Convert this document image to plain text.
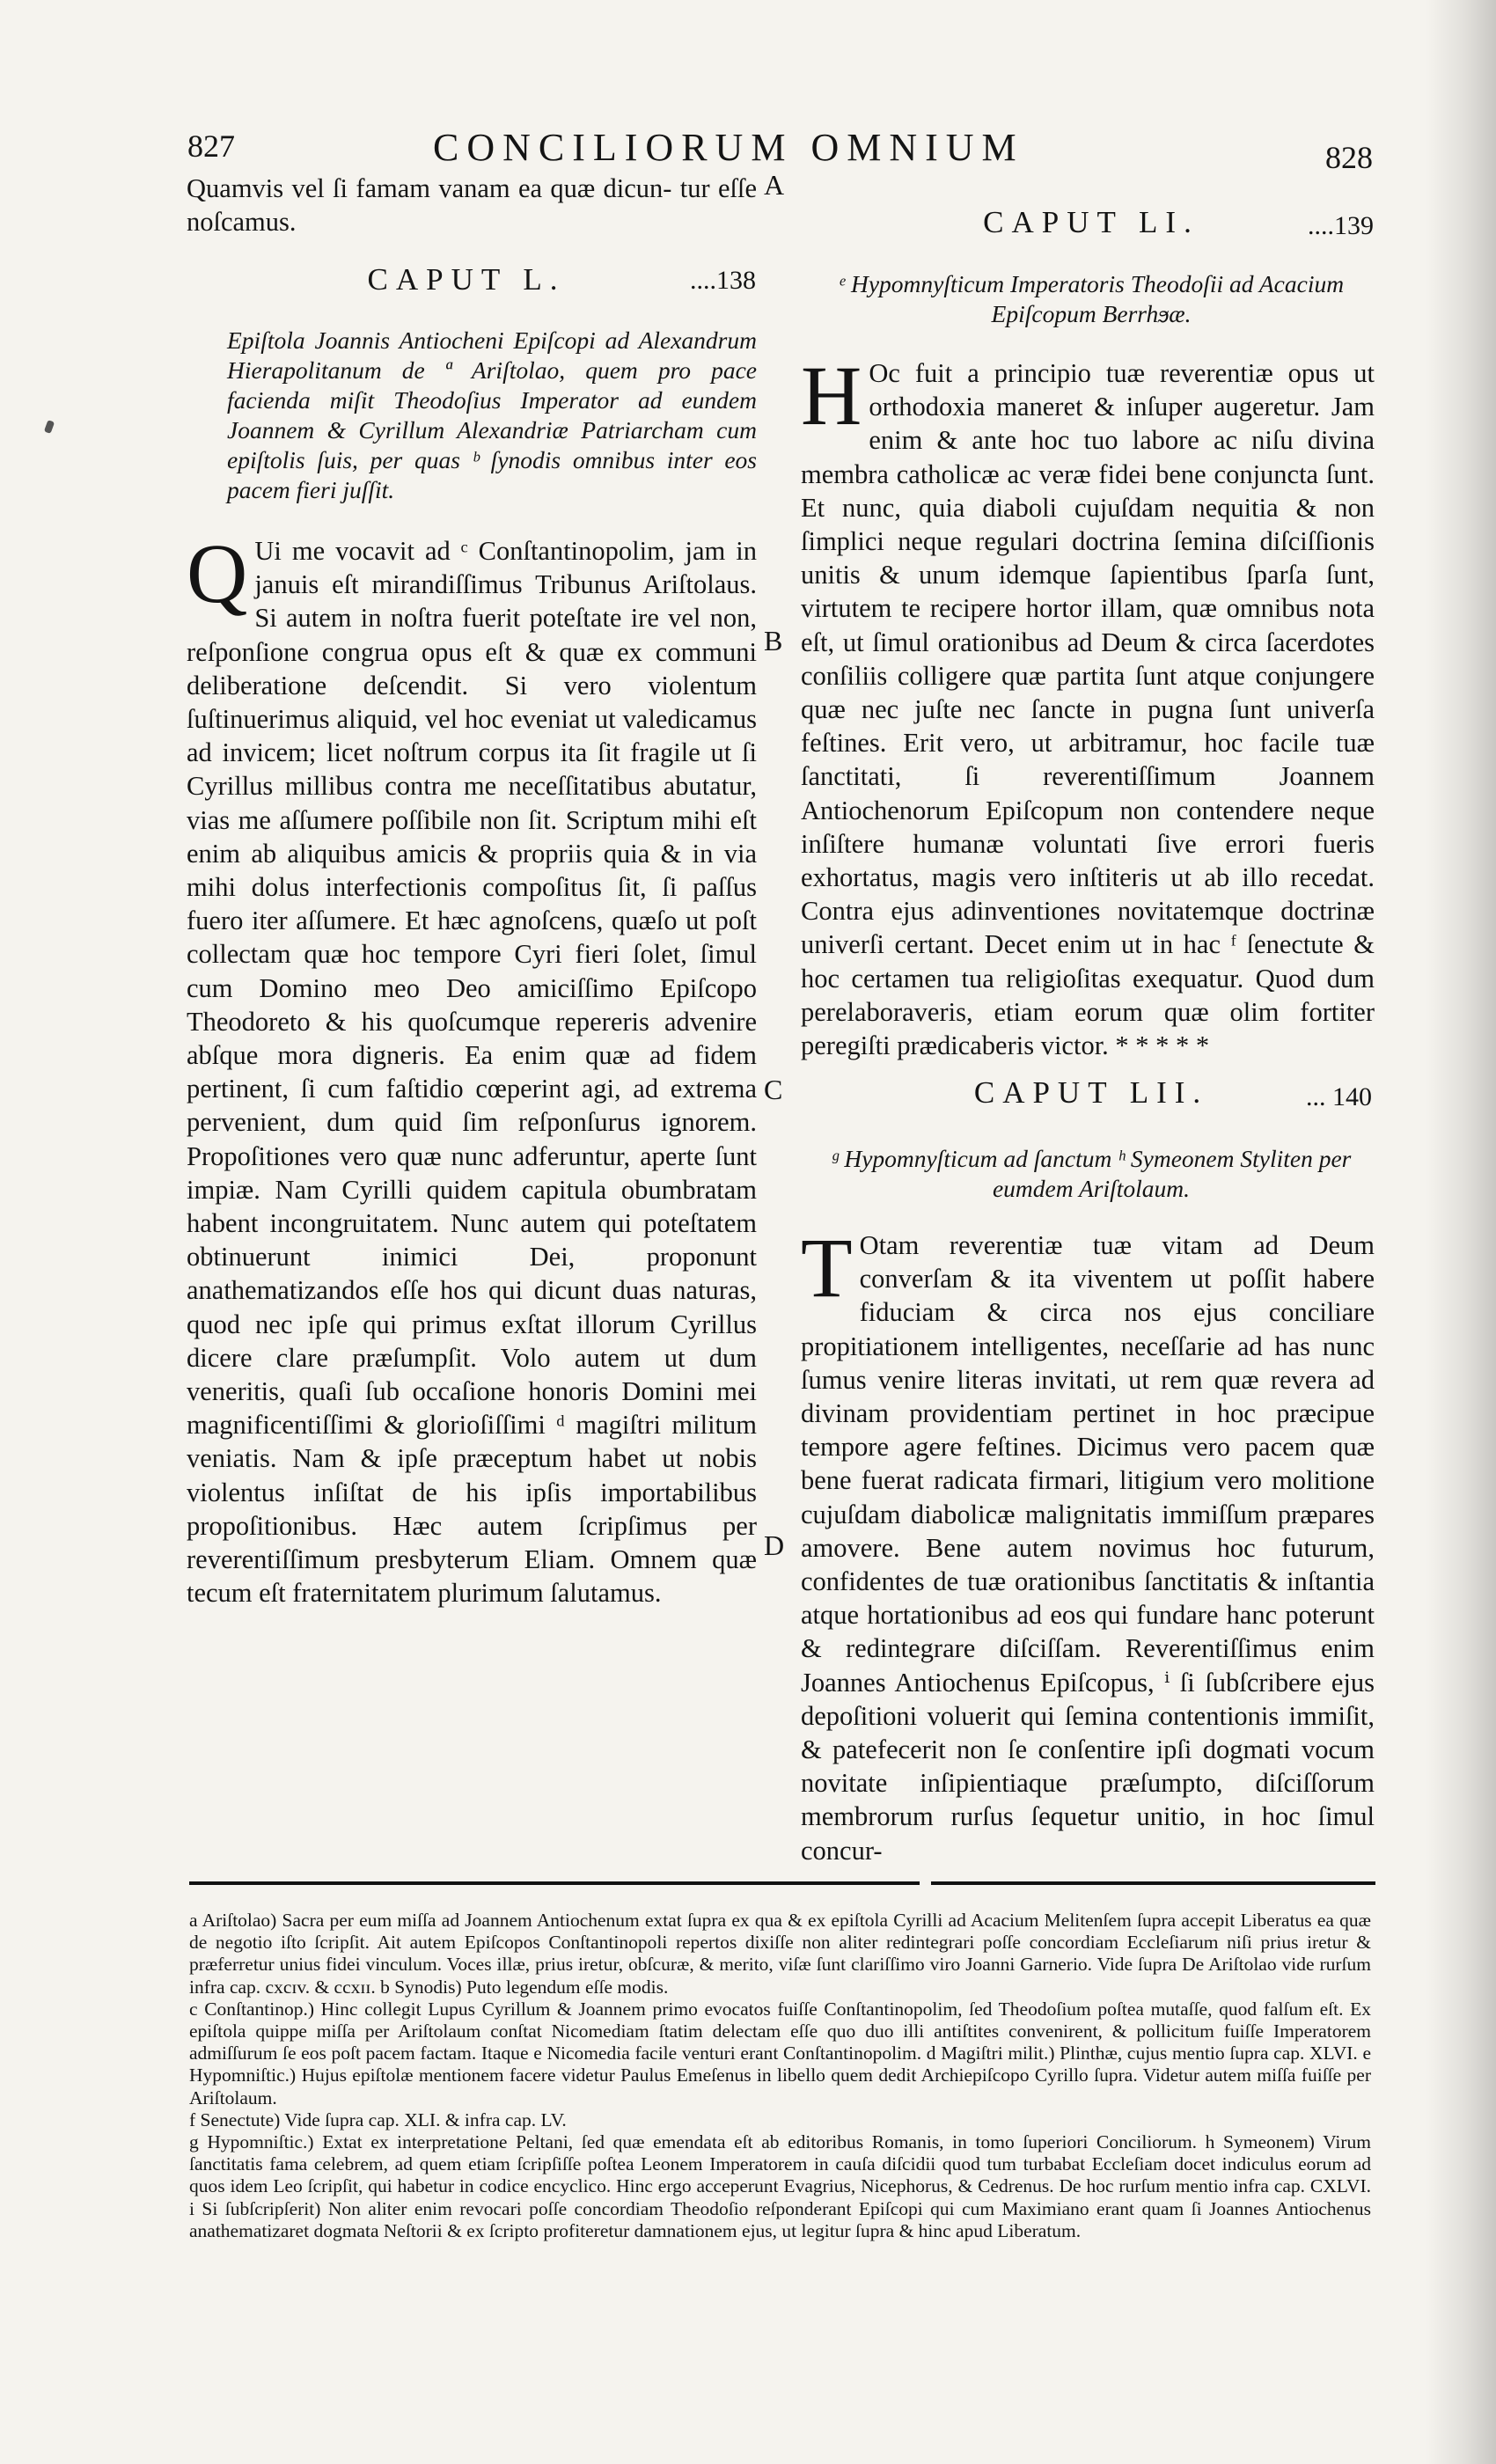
827	CONCILIORUM OMNIUM	828
A
B
C
D

Quamvis vel ſi famam vanam ea quæ dicun- tur eſſe noſcamus.

CAPUT L.	....138
Epiſtola Joannis Antiocheni Epiſcopi ad Alexandrum Hierapolitanum de ª Ariſtolao, quem pro pace facienda miſit Theodoſius Imperator ad eundem Joannem & Cyrillum Alexandriæ Patriarcham cum epiſtolis ſuis, per quas ᵇ ſynodis omnibus inter eos pacem fieri juſſit.
Q Ui me vocavit ad ᶜ Conſtantinopolim, jam in januis eſt mirandiſſimus Tribunus Ariſtolaus. Si autem in noſtra fuerit poteſtate ire vel non, reſponſione congrua opus eſt & quæ ex communi deliberatione deſcendit. Si vero violentum ſuſtinuerimus aliquid, vel hoc eveniat ut valedicamus ad invicem; licet noſtrum corpus ita ſit fragile ut ſi Cyrillus millibus contra me neceſſitatibus abutatur, vias me aſſumere poſſibile non ſit. Scriptum mihi eſt enim ab aliquibus amicis & propriis quia & in via mihi dolus interfectionis compoſitus ſit, ſi paſſus fuero iter aſſumere. Et hæc agnoſcens, quæſo ut poſt collectam quæ hoc tempore Cyri fieri ſolet, ſimul cum Domino meo Deo amiciſſimo Epiſcopo Theodoreto & his quoſcumque repereris advenire abſque mora digneris. Ea enim quæ ad fidem pertinent, ſi cum faſtidio cœperint agi, ad extrema pervenient, dum quid ſim reſponſurus ignorem. Propoſitiones vero quæ nunc adferuntur, aperte ſunt impiæ. Nam Cyrilli quidem capitula obumbratam habent incongruitatem. Nunc autem qui poteſtatem obtinuerunt inimici Dei, proponunt anathematizandos eſſe hos qui dicunt duas naturas, quod nec ipſe qui primus exſtat illorum Cyrillus dicere clare præſumpſit. Volo autem ut dum veneritis, quaſi ſub occaſione honoris Domini mei magnificentiſſimi & glorioſiſſimi ᵈ magiſtri militum veniatis. Nam & ipſe præceptum habet ut nobis violentus inſiſtat de his ipſis importabilibus propoſitionibus. Hæc autem ſcripſimus per reverentiſſimum presbyterum Eliam. Omnem quæ tecum eſt fraternitatem plurimum ſalutamus.
CAPUT LI.	....139
ᵉ Hypomnyſticum Imperatoris Theodoſii ad Acacium Epiſcopum Berrhϧæ.
H Oc fuit a principio tuæ reverentiæ opus ut orthodoxia maneret & inſuper augeretur. Jam enim & ante hoc tuo labore ac niſu divina membra catholicæ ac veræ fidei bene conjuncta ſunt. Et nunc, quia diaboli cujuſdam nequitia & non ſimplici neque regulari doctrina ſemina diſciſſionis unitis & unum idemque ſapientibus ſparſa ſunt, virtutem te recipere hortor illam, quæ omnibus nota eſt, ut ſimul orationibus ad Deum & circa ſacerdotes conſiliis colligere quæ partita ſunt atque conjungere quæ nec juſte nec ſancte in pugna ſunt univerſa feſtines. Erit vero, ut arbitramur, hoc facile tuæ ſanctitati, ſi reverentiſſimum Joannem Antiochenorum Epiſcopum non contendere neque inſiſtere humanæ voluntati ſive errori fueris exhortatus, magis vero inſtiteris ut ab illo recedat. Contra ejus adinventiones novitatemque doctrinæ univerſi certant. Decet enim ut in hac ᶠ ſenectute & hoc certamen tua religioſitas exequatur. Quod dum perelaboraveris, etiam eorum quæ olim fortiter peregiſti prædicaberis victor. * * * * *
CAPUT LII.	... 140
ᵍ Hypomnyſticum ad ſanctum ʰ Symeonem Styliten per eumdem Ariſtolaum.
T Otam reverentiæ tuæ vitam ad Deum converſam & ita viventem ut poſſit habere fiduciam & circa nos ejus conciliare propitiationem intelligentes, neceſſarie ad has nunc ſumus venire literas invitati, ut rem quæ revera ad divinam providentiam pertinet in hoc præcipue tempore agere feſtines. Dicimus vero pacem quæ bene fuerat radicata firmari, litigium vero molitione cujuſdam diabolicæ malignitatis immiſſum præpares amovere. Bene autem novimus hoc futurum, confidentes de tuæ orationibus ſanctitatis & inſtantia atque hortationibus ad eos qui fundare hanc poterunt & redintegrare diſciſſam. Reverentiſſimus enim Joannes Antiochenus Epiſcopus, ⁱ ſi ſubſcribere ejus depoſitioni voluerit qui ſemina contentionis immiſit, & patefecerit non ſe conſentire ipſi dogmati vocum novitate inſipientiaque præſumpto, diſciſſorum membrorum rurſus ſequetur unitio, in hoc ſimul concur-

a Ariſtolao) Sacra per eum miſſa ad Joannem Antiochenum extat ſupra ex qua & ex epiſtola Cyrilli ad Acacium Melitenſem ſupra accepit Liberatus ea quæ de negotio iſto ſcripſit. Ait autem Epiſcopos Conſtantinopoli repertos dixiſſe non aliter redintegrari poſſe concordiam Eccleſiarum niſi prius iretur & præferretur unius fidei vinculum. Voces illæ, prius iretur, obſcuræ, & merito, viſæ ſunt clariſſimo viro Joanni Garnerio. Vide ſupra De Ariſtolao vide rurſum infra cap. cxcɪv. & ccxɪɪ. b Synodis) Puto legendum eſſe modis.

c Conſtantinop.) Hinc collegit Lupus Cyrillum & Joannem primo evocatos fuiſſe Conſtantinopolim, ſed Theodoſium poſtea mutaſſe, quod falſum eſt. Ex epiſtola quippe miſſa per Ariſtolaum conſtat Nicomediam ſtatim delectam eſſe quo duo illi antiſtites convenirent, & pollicitum fuiſſe Imperatorem admiſſurum ſe eos poſt pacem factam. Itaque e Nicomedia facile venturi erant Conſtantinopolim. d Magiſtri milit.) Plinthæ, cujus mentio ſupra cap. XLVI. e Hypomniſtic.) Hujus epiſtolæ mentionem facere videtur Paulus Emeſenus in libello quem dedit Archiepiſcopo Cyrillo ſupra. Videtur autem miſſa fuiſſe per Ariſtolaum.

f Senectute) Vide ſupra cap. XLI. & infra cap. LV.

g Hypomniſtic.) Extat ex interpretatione Peltani, ſed quæ emendata eſt ab editoribus Romanis, in tomo ſuperiori Conciliorum. h Symeonem) Virum ſanctitatis fama celebrem, ad quem etiam ſcripſiſſe poſtea Leonem Imperatorem in cauſa diſcidii quod tum turbabat Eccleſiam docet indiculus eorum ad quos idem Leo ſcripſit, qui habetur in codice encyclico. Hinc ergo acceperunt Evagrius, Nicephorus, & Cedrenus. De hoc rurſum mentio infra cap. CXLVI. i Si ſubſcripſerit) Non aliter enim revocari poſſe concordiam Theodoſio reſponderant Epiſcopi qui cum Maximiano erant quam ſi Joannes Antiochenus anathematizaret dogmata Neſtorii & ex ſcripto profiteretur damnationem ejus, ut legitur ſupra & hinc apud Liberatum.
